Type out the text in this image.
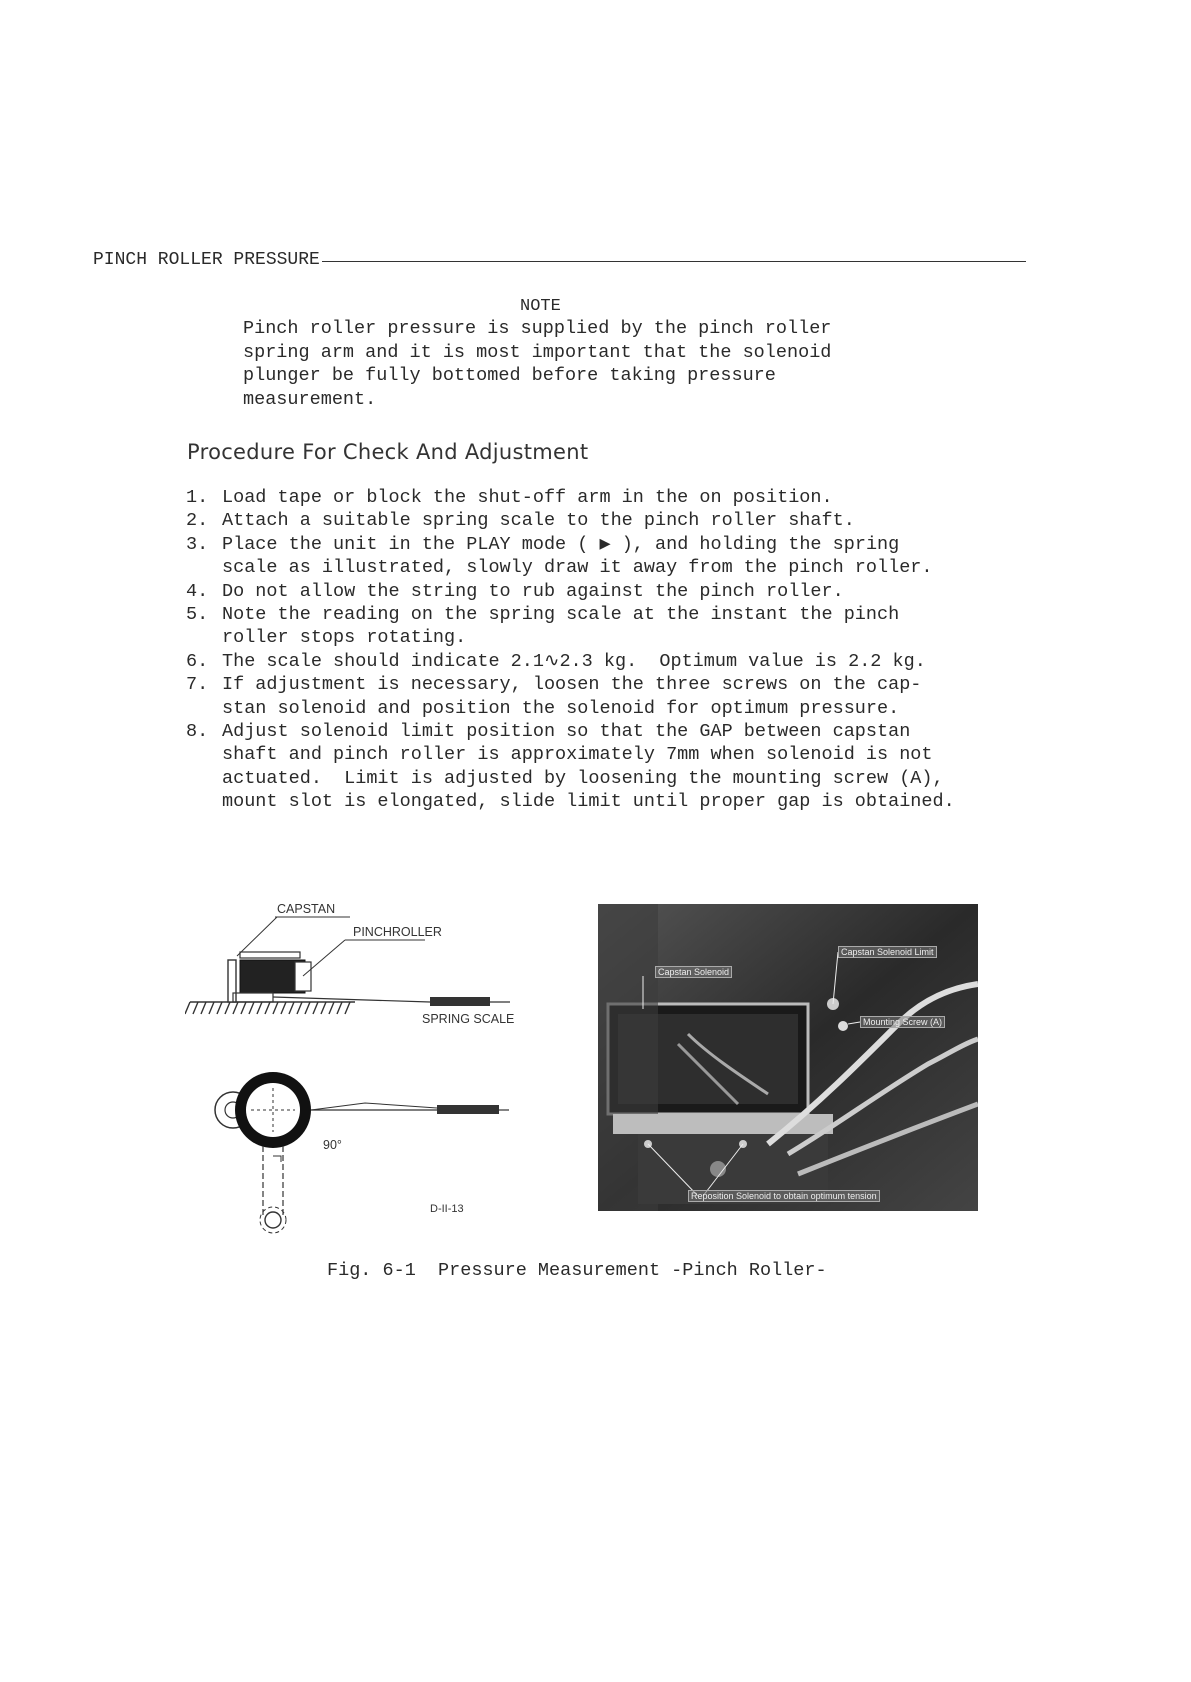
PINCH ROLLER PRESSURE
NOTE

Pinch roller pressure is supplied by the pinch roller

spring arm and it is most important that the solenoid

plunger be fully bottomed before taking pressure

measurement.

Procedure For Check And Adjustment
1. Load tape or block the shut-off arm in the on position.
2. Attach a suitable spring scale to the pinch roller shaft.
3. Place the unit in the PLAY mode ( ▶ ), and holding the spring
scale as illustrated, slowly draw it away from the pinch roller.
4. Do not allow the string to rub against the pinch roller.
5. Note the reading on the spring scale at the instant the pinch
roller stops rotating.
6. The scale should indicate 2.1∿2.3 kg.  Optimum value is 2.2 kg.
7. If adjustment is necessary, loosen the three screws on the cap-
stan solenoid and position the solenoid for optimum pressure.
8. Adjust solenoid limit position so that the GAP between capstan
shaft and pinch roller is approximately 7mm when solenoid is not
actuated.  Limit is adjusted by loosening the mounting screw (A),
mount slot is elongated, slide limit until proper gap is obtained.
CAPSTAN
PINCHROLLER
SPRING SCALE
90°
D-II-13
Capstan Solenoid Limit
Capstan Solenoid
Mounting Screw (A)
Reposition Solenoid to obtain optimum tension
Fig. 6-1  Pressure Measurement -Pinch Roller-
